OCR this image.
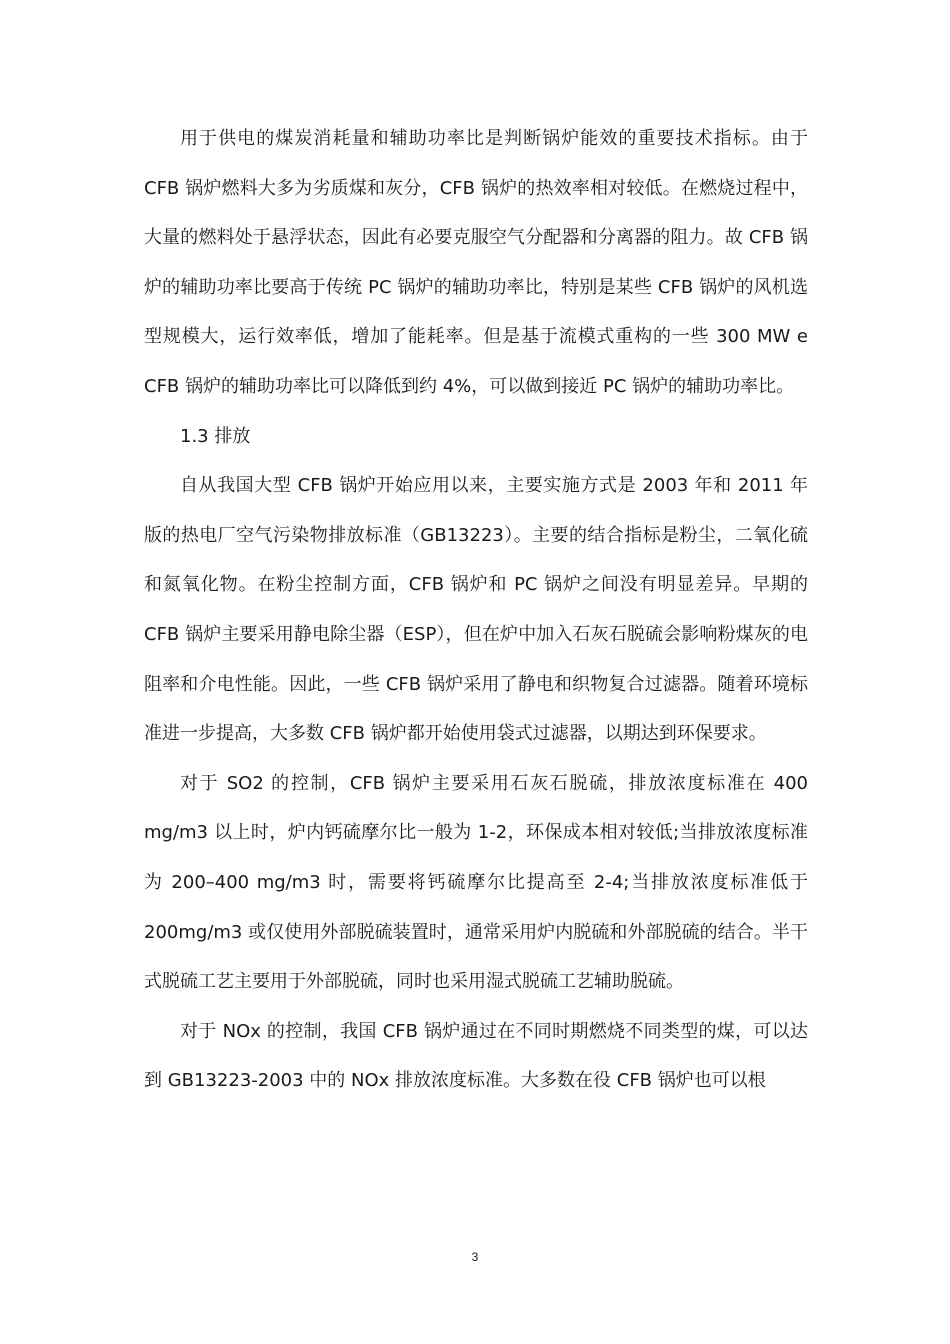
用于供电的煤炭消耗量和辅助功率比是判断锅炉能效的重要技术指标。由于 CFB 锅炉燃料大多为劣质煤和灰分，CFB 锅炉的热效率相对较低。在燃烧过程中，大量的燃料处于悬浮状态，因此有必要克服空气分配器和分离器的阻力。故 CFB 锅炉的辅助功率比要高于传统 PC 锅炉的辅助功率比，特别是某些 CFB 锅炉的风机选型规模大，运行效率低，增加了能耗率。但是基于流模式重构的一些 300 MW e CFB 锅炉的辅助功率比可以降低到约 4%，可以做到接近 PC 锅炉的辅助功率比。

1.3 排放

自从我国大型 CFB 锅炉开始应用以来，主要实施方式是 2003 年和 2011 年版的热电厂空气污染物排放标准（GB13223）。主要的结合指标是粉尘，二氧化硫和氮氧化物。在粉尘控制方面，CFB 锅炉和 PC 锅炉之间没有明显差异。早期的 CFB 锅炉主要采用静电除尘器（ESP），但在炉中加入石灰石脱硫会影响粉煤灰的电阻率和介电性能。因此，一些 CFB 锅炉采用了静电和织物复合过滤器。随着环境标准进一步提高，大多数 CFB 锅炉都开始使用袋式过滤器，以期达到环保要求。

对于 SO2 的控制，CFB 锅炉主要采用石灰石脱硫，排放浓度标准在 400 mg/m3 以上时，炉内钙硫摩尔比一般为 1-2，环保成本相对较低;当排放浓度标准为 200–400 mg/m3 时，需要将钙硫摩尔比提高至 2-4;当排放浓度标准低于 200mg/m3 或仅使用外部脱硫装置时，通常采用炉内脱硫和外部脱硫的结合。半干式脱硫工艺主要用于外部脱硫，同时也采用湿式脱硫工艺辅助脱硫。

对于 NOx 的控制，我国 CFB 锅炉通过在不同时期燃烧不同类型的煤，可以达到 GB13223-2003 中的 NOx 排放浓度标准。大多数在役 CFB 锅炉也可以根

3
